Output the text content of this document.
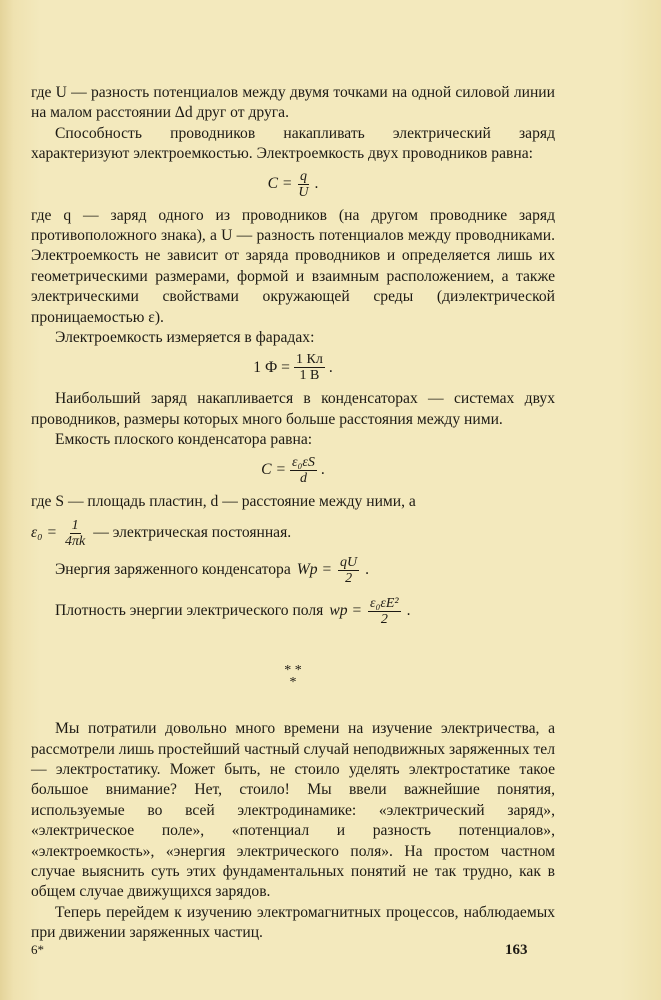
где U — разность потенциалов между двумя точками на одной силовой линии на малом расстоянии Δd друг от друга.

Способность проводников накапливать электрический заряд характеризуют электроемкостью. Электроемкость двух проводников равна:

$C = \frac{q}{U}$ .

где q — заряд одного из проводников (на другом проводнике заряд противоположного знака), а U — разность потенциалов между проводниками. Электроемкость не зависит от заряда проводников и определяется лишь их геометрическими размерами, формой и взаимным расположением, а также электрическими свойствами окружающей среды (диэлектрической проницаемостью ε).

Электроемкость измеряется в фарадах:

1 $Ф = \frac{1 Кл}{1 В}$ .

Наибольший заряд накапливается в конденсаторах — системах двух проводников, размеры которых много больше расстояния между ними.

Емкость плоского конденсатора равна:

$C = \frac{\text{ε₀εS}}{d}$ .

где S — площадь пластин, d — расстояние между ними, а

$\varepsilon_0 = \frac{1}{4\pi k}$ — электрическая постоянная.
Энергия заряженного конденсатора $Wp = \frac{qU}{2}$ .
Плотность энергии электрического поля wp = $\frac{\text{ε₀εE²}}{2}$ .
* *
*

Мы потратили довольно много времени на изучение электричества, а рассмотрели лишь простейший частный случай неподвижных заряженных тел — электростатику. Может быть, не стоило уделять электростатике такое большое внимание? Нет, стоило! Мы ввели важнейшие понятия, используемые во всей электродинамике: «электрический заряд», «электрическое поле», «потенциал и разность потенциалов», «электроемкость», «энергия электрического поля». На простом частном случае выяснить суть этих фундаментальных понятий не так трудно, как в общем случае движущихся зарядов.

Теперь перейдем к изучению электромагнитных процессов, наблюдаемых при движении заряженных частиц.

6*	163
